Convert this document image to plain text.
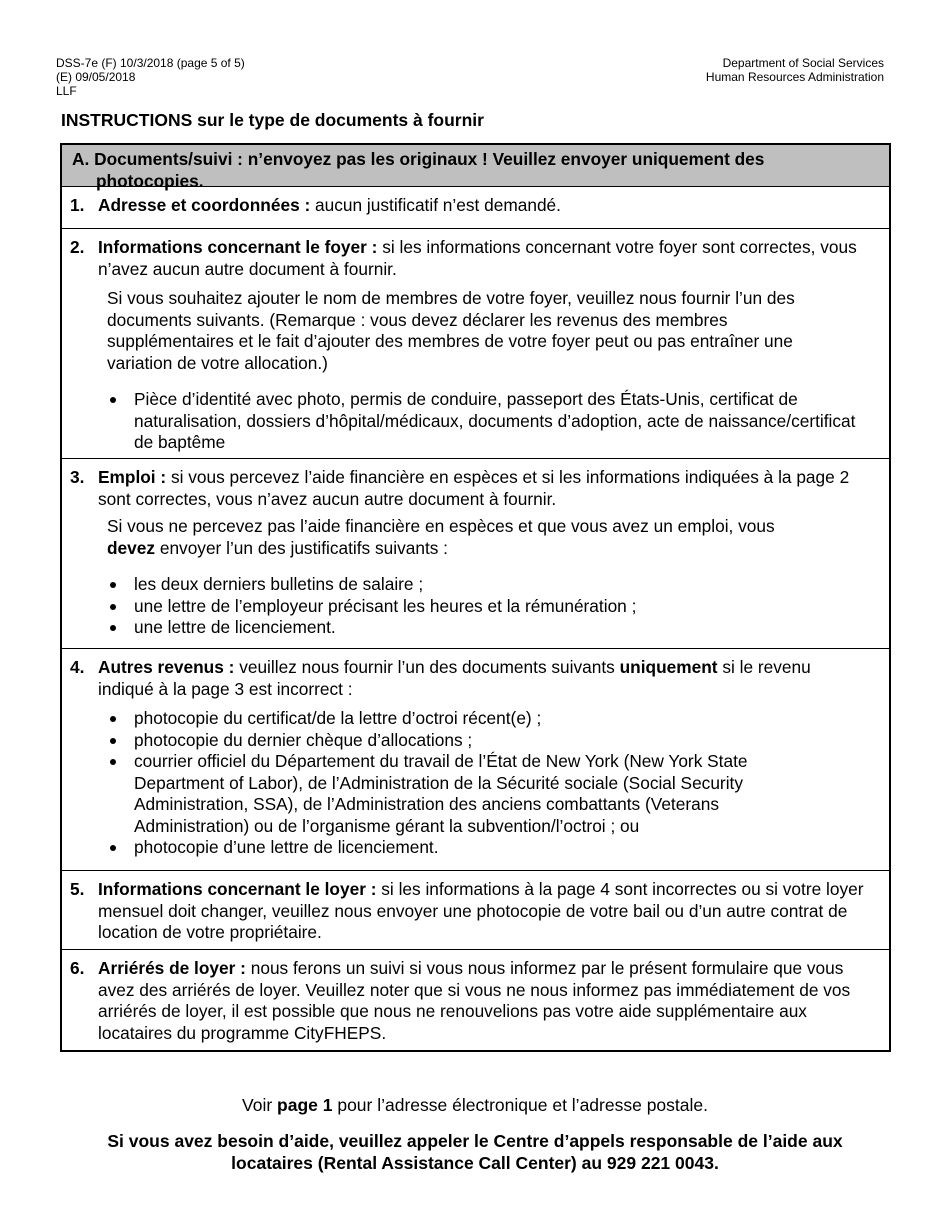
DSS-7e (F) 10/3/2018 (page 5 of 5)
(E) 09/05/2018
LLF
Department of Social Services
Human Resources Administration
INSTRUCTIONS sur le type de documents à fournir
A. Documents/suivi : n’envoyez pas les originaux ! Veuillez envoyer uniquement des
photocopies.
1. Adresse et coordonnées : aucun justificatif n’est demandé.
2. Informations concernant le foyer : si les informations concernant votre foyer sont correctes, vous n’avez aucun autre document à fournir.
Si vous souhaitez ajouter le nom de membres de votre foyer, veuillez nous fournir l’un des documents suivants. (Remarque : vous devez déclarer les revenus des membres supplémentaires et le fait d’ajouter des membres de votre foyer peut ou pas entraîner une variation de votre allocation.)
Pièce d’identité avec photo, permis de conduire, passeport des États-Unis, certificat de naturalisation, dossiers d’hôpital/médicaux, documents d’adoption, acte de naissance/certificat de baptême
3. Emploi : si vous percevez l’aide financière en espèces et si les informations indiquées à la page 2 sont correctes, vous n’avez aucun autre document à fournir.
Si vous ne percevez pas l’aide financière en espèces et que vous avez un emploi, vous devez envoyer l’un des justificatifs suivants :
les deux derniers bulletins de salaire ;
une lettre de l’employeur précisant les heures et la rémunération ;
une lettre de licenciement.
4. Autres revenus : veuillez nous fournir l’un des documents suivants uniquement si le revenu indiqué à la page 3 est incorrect :
photocopie du certificat/de la lettre d’octroi récent(e) ;
photocopie du dernier chèque d’allocations ;
courrier officiel du Département du travail de l’État de New York (New York State Department of Labor), de l’Administration de la Sécurité sociale (Social Security Administration, SSA), de l’Administration des anciens combattants (Veterans Administration) ou de l’organisme gérant la subvention/l’octroi ; ou
photocopie d’une lettre de licenciement.
5. Informations concernant le loyer : si les informations à la page 4 sont incorrectes ou si votre loyer mensuel doit changer, veuillez nous envoyer une photocopie de votre bail ou d’un autre contrat de location de votre propriétaire.
6. Arriérés de loyer : nous ferons un suivi si vous nous informez par le présent formulaire que vous avez des arriérés de loyer. Veuillez noter que si vous ne nous informez pas immédiatement de vos arriérés de loyer, il est possible que nous ne renouvelions pas votre aide supplémentaire aux locataires du programme CityFHEPS.
Voir page 1 pour l’adresse électronique et l’adresse postale.
Si vous avez besoin d’aide, veuillez appeler le Centre d’appels responsable de l’aide aux locataires (Rental Assistance Call Center) au 929 221 0043.
